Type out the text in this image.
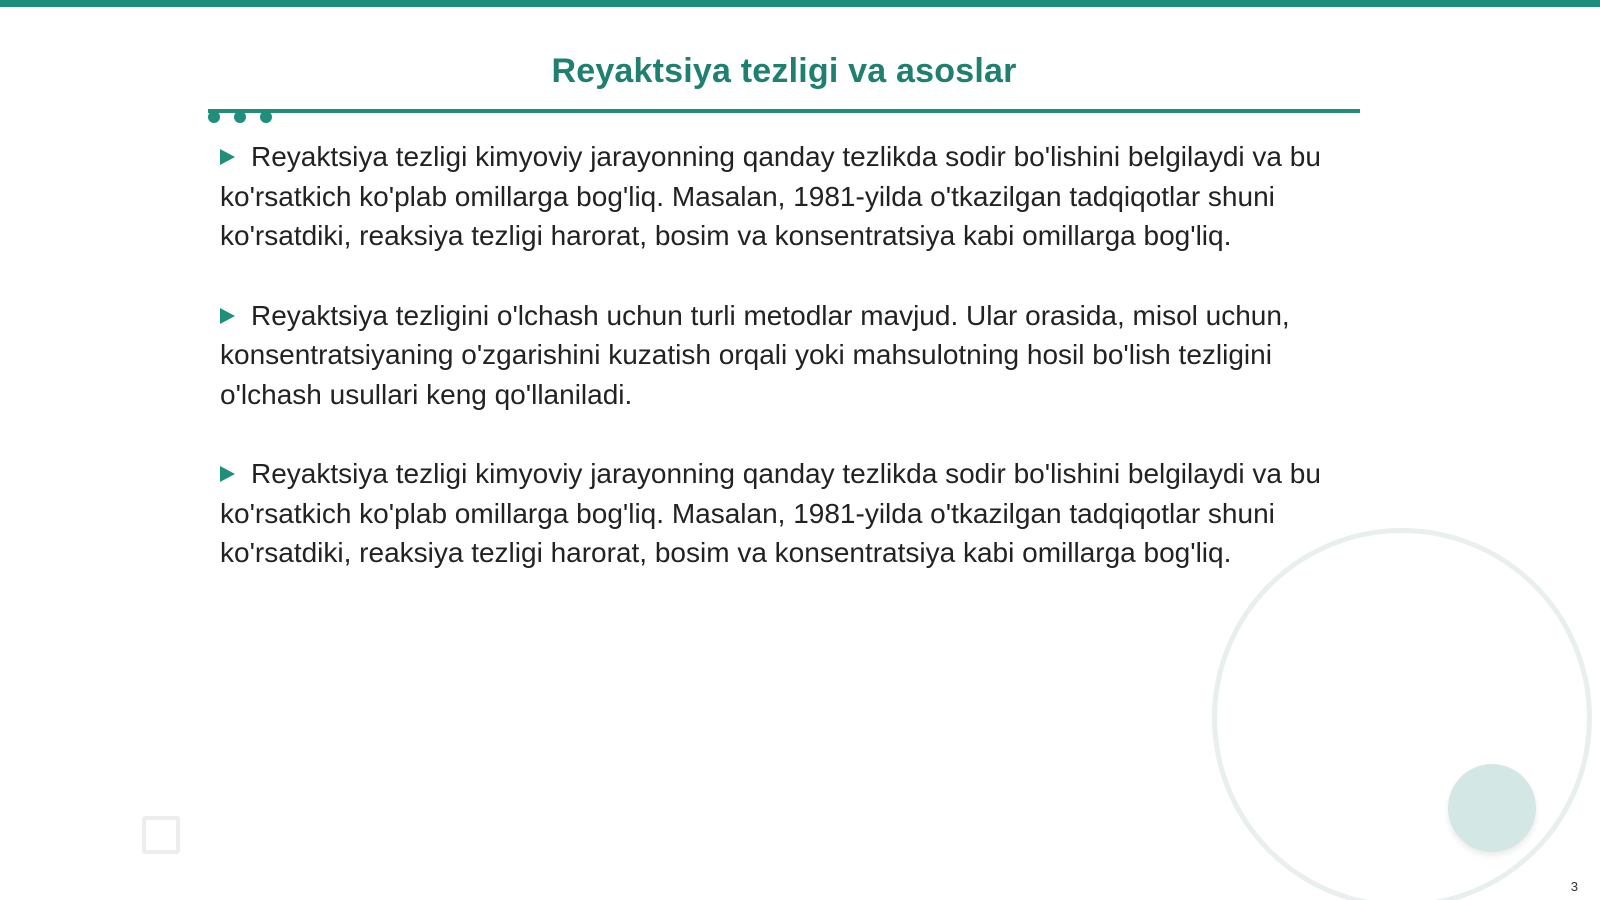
Reyaktsiya tezligi va asoslar

Reyaktsiya tezligi kimyoviy jarayonning qanday tezlikda sodir bo'lishini belgilaydi va bu ko'rsatkich ko'plab omillarga bog'liq. Masalan, 1981-yilda o'tkazilgan tadqiqotlar shuni ko'rsatdiki, reaksiya tezligi harorat, bosim va konsentratsiya kabi omillarga bog'liq.

Reyaktsiya tezligini o'lchash uchun turli metodlar mavjud. Ular orasida, misol uchun, konsentratsiyaning o'zgarishini kuzatish orqali yoki mahsulotning hosil bo'lish tezligini o'lchash usullari keng qo'llaniladi.

Reyaktsiya tezligi kimyoviy jarayonning qanday tezlikda sodir bo'lishini belgilaydi va bu ko'rsatkich ko'plab omillarga bog'liq. Masalan, 1981-yilda o'tkazilgan tadqiqotlar shuni ko'rsatdiki, reaksiya tezligi harorat, bosim va konsentratsiya kabi omillarga bog'liq.

3
